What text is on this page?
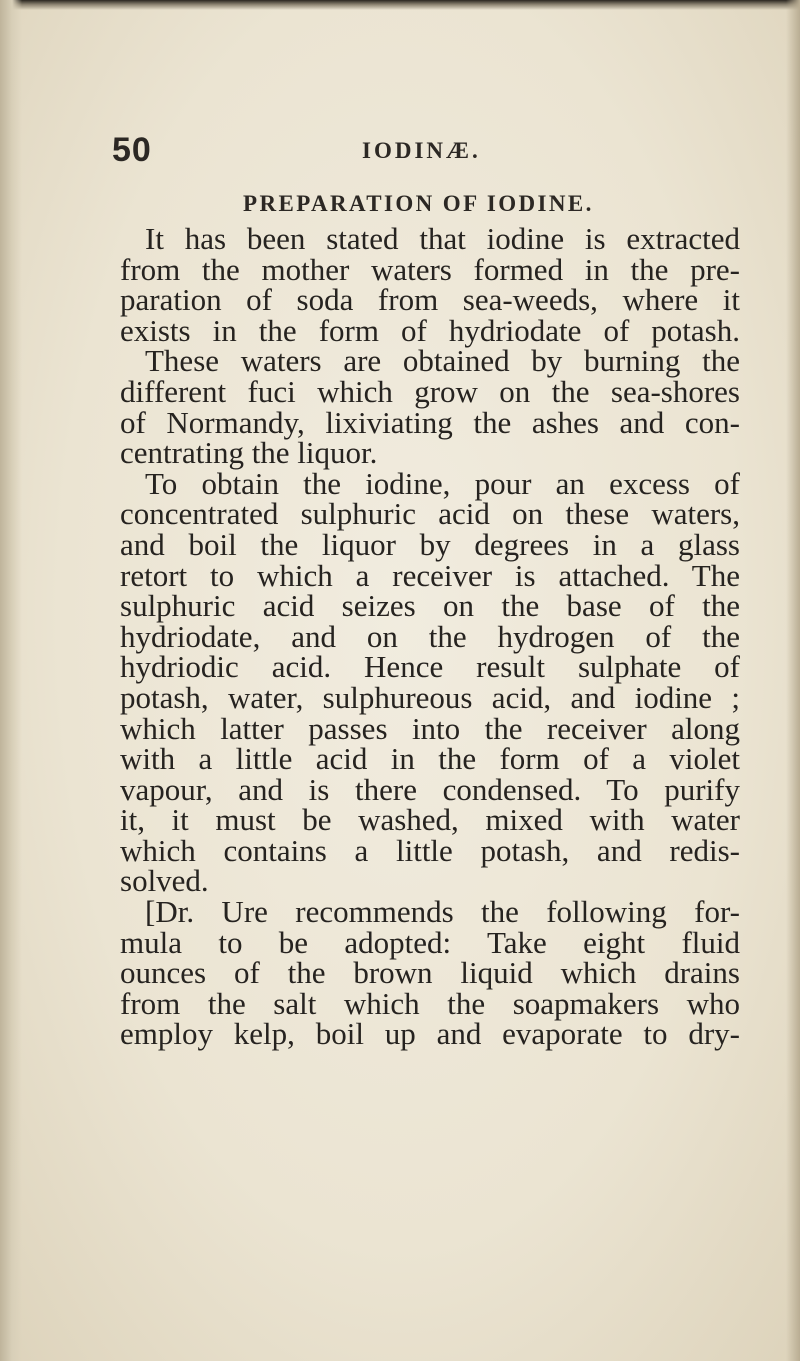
50	IODINÆ.
PREPARATION OF IODINE.
It has been stated that iodine is extracted
from the mother waters formed in the pre-
paration of soda from sea-weeds, where it
exists in the form of hydriodate of potash.
These waters are obtained by burning the
different fuci which grow on the sea-shores
of Normandy, lixiviating the ashes and con-
centrating the liquor.
To obtain the iodine, pour an excess of
concentrated sulphuric acid on these waters,
and boil the liquor by degrees in a glass
retort to which a receiver is attached. The
sulphuric acid seizes on the base of the
hydriodate, and on the hydrogen of the
hydriodic acid. Hence result sulphate of
potash, water, sulphureous acid, and iodine ;
which latter passes into the receiver along
with a little acid in the form of a violet
vapour, and is there condensed. To purify
it, it must be washed, mixed with water
which contains a little potash, and redis-
solved.
[Dr. Ure recommends the following for-
mula to be adopted: Take eight fluid
ounces of the brown liquid which drains
from the salt which the soapmakers who
employ kelp, boil up and evaporate to dry-
